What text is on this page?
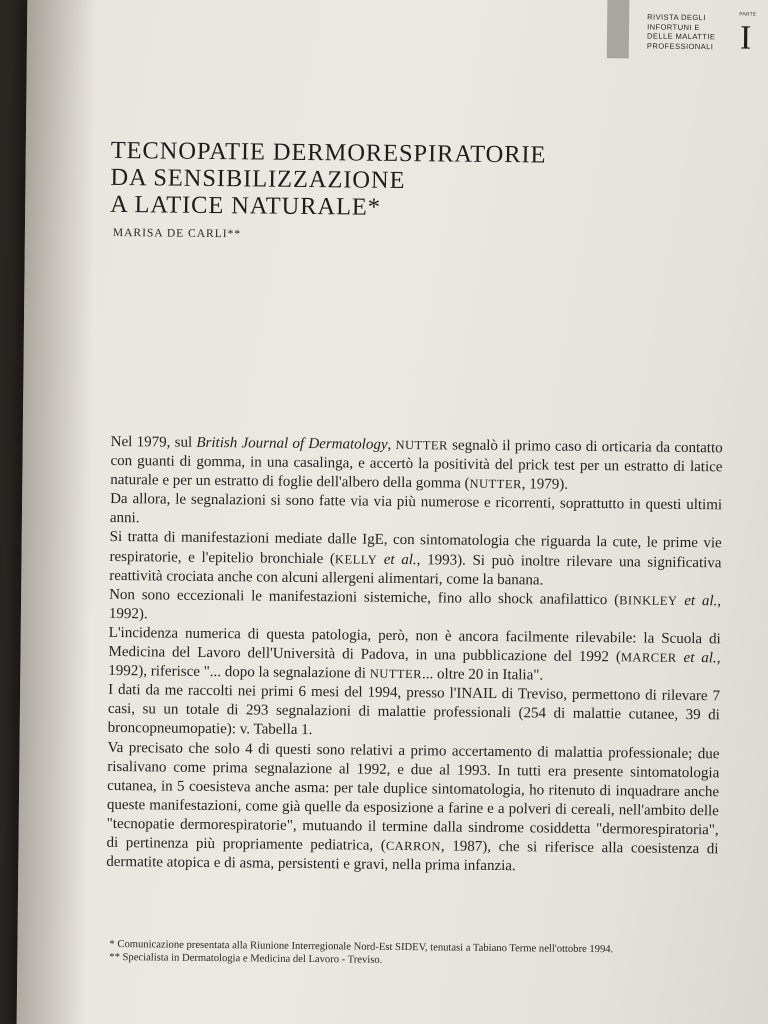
RIVISTA DEGLI
INFORTUNI E
DELLE MALATTIE
PROFESSIONALI
PARTE
I
TECNOPATIE DERMORESPIRATORIE
DA SENSIBILIZZAZIONE
A LATICE NATURALE*
MARISA DE CARLI**

Nel 1979, sul British Journal of Dermatology, NUTTER segnalò il primo caso di orticaria da contatto con guanti di gomma, in una casalinga, e accertò la positività del prick test per un estratto di latice naturale e per un estratto di foglie dell'albero della gomma (NUTTER, 1979).

Da allora, le segnalazioni si sono fatte via via più numerose e ricorrenti, soprattutto in questi ultimi anni.

Si tratta di manifestazioni mediate dalle IgE, con sintomatologia che riguarda la cute, le prime vie respiratorie, e l'epitelio bronchiale (KELLY et al., 1993). Si può inoltre rilevare una significativa reattività crociata anche con alcuni allergeni alimentari, come la banana.

Non sono eccezionali le manifestazioni sistemiche, fino allo shock anafilattico (BINKLEY et al., 1992).

L'incidenza numerica di questa patologia, però, non è ancora facilmente rilevabile: la Scuola di Medicina del Lavoro dell'Università di Padova, in una pubblicazione del 1992 (MARCER et al., 1992), riferisce "... dopo la segnalazione di NUTTER... oltre 20 in Italia".

I dati da me raccolti nei primi 6 mesi del 1994, presso l'INAIL di Treviso, permettono di rilevare 7 casi, su un totale di 293 segnalazioni di malattie professionali (254 di malattie cutanee, 39 di broncopneumopatie): v. Tabella 1.

Va precisato che solo 4 di questi sono relativi a primo accertamento di malattia professionale; due risalivano come prima segnalazione al 1992, e due al 1993. In tutti era presente sintomatologia cutanea, in 5 coesisteva anche asma: per tale duplice sintomatologia, ho ritenuto di inquadrare anche queste manifestazioni, come già quelle da esposizione a farine e a polveri di cereali, nell'ambito delle "tecnopatie dermorespiratorie", mutuando il termine dalla sindrome cosiddetta "dermorespiratoria", di pertinenza più propriamente pediatrica, (CARRON, 1987), che si riferisce alla coesistenza di dermatite atopica e di asma, persistenti e gravi, nella prima infanzia.

* Comunicazione presentata alla Riunione Interregionale Nord-Est SIDEV, tenutasi a Tabiano Terme nell'ottobre 1994.

** Specialista in Dermatologia e Medicina del Lavoro - Treviso.
